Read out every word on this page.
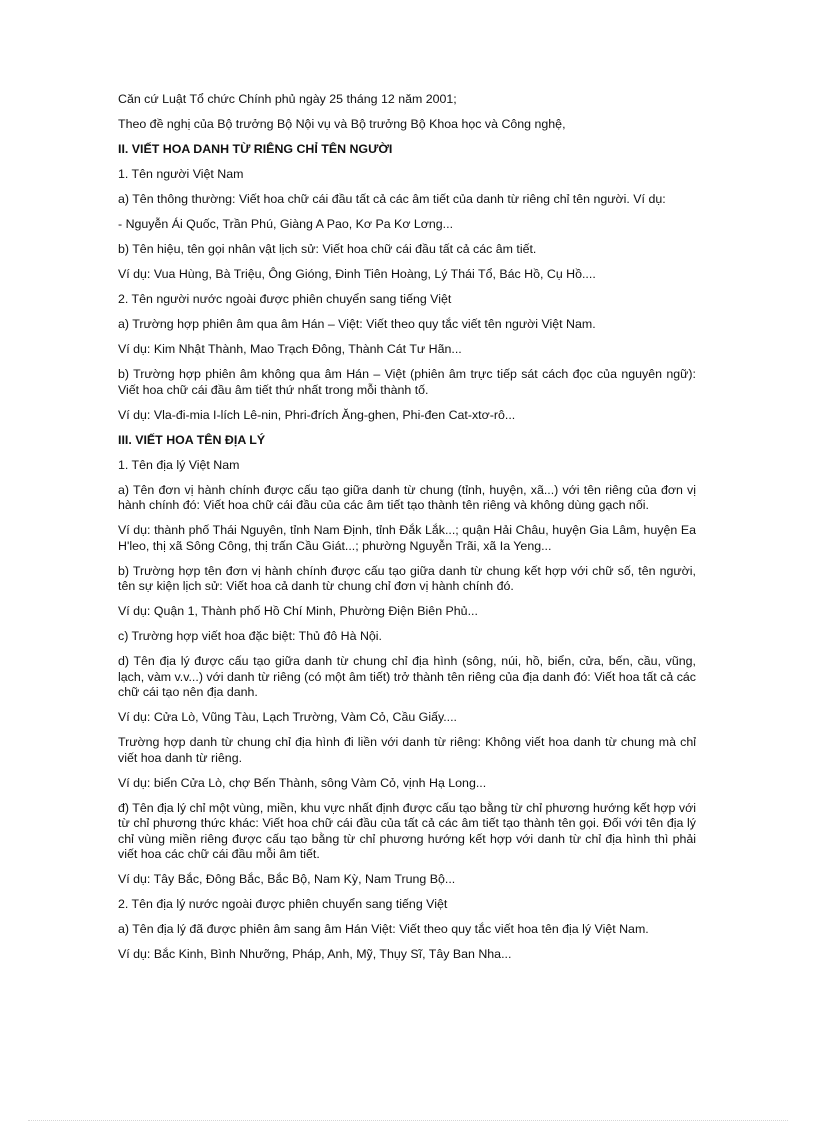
Căn cứ Luật Tổ chức Chính phủ ngày 25 tháng 12 năm 2001;

Theo đề nghị của Bộ trưởng Bộ Nội vụ và Bộ trưởng Bộ Khoa học và Công nghệ,

II. VIẾT HOA DANH TỪ RIÊNG CHỈ TÊN NGƯỜI

1. Tên người Việt Nam

a) Tên thông thường: Viết hoa chữ cái đầu tất cả các âm tiết của danh từ riêng chỉ tên người. Ví dụ:

- Nguyễn Ái Quốc, Trần Phú, Giàng A Pao, Kơ Pa Kơ Lơng...

b) Tên hiệu, tên gọi nhân vật lịch sử: Viết hoa chữ cái đầu tất cả các âm tiết.

Ví dụ: Vua Hùng, Bà Triệu, Ông Gióng, Đinh Tiên Hoàng, Lý Thái Tổ, Bác Hồ, Cụ Hồ....

2. Tên người nước ngoài được phiên chuyển sang tiếng Việt

a) Trường hợp phiên âm qua âm Hán – Việt: Viết theo quy tắc viết tên người Việt Nam.

Ví dụ: Kim Nhật Thành, Mao Trạch Đông, Thành Cát Tư Hãn...

b) Trường hợp phiên âm không qua âm Hán – Việt (phiên âm trực tiếp sát cách đọc của nguyên ngữ): Viết hoa chữ cái đầu âm tiết thứ nhất trong mỗi thành tố.

Ví dụ: Vla-đi-mia I-lích Lê-nin, Phri-đrích Ăng-ghen, Phi-đen Cat-xtơ-rô...

III. VIẾT HOA TÊN ĐỊA LÝ

1. Tên địa lý Việt Nam

a) Tên đơn vị hành chính được cấu tạo giữa danh từ chung (tỉnh, huyện, xã...) với tên riêng của đơn vị hành chính đó: Viết hoa chữ cái đầu của các âm tiết tạo thành tên riêng và không dùng gạch nối.

Ví dụ: thành phố Thái Nguyên, tỉnh Nam Định, tỉnh Đắk Lắk...; quận Hải Châu, huyện Gia Lâm, huyện Ea H'leo, thị xã Sông Công, thị trấn Cầu Giát...; phường Nguyễn Trãi, xã Ia Yeng...

b) Trường hợp tên đơn vị hành chính được cấu tạo giữa danh từ chung kết hợp với chữ số, tên người, tên sự kiện lịch sử: Viết hoa cả danh từ chung chỉ đơn vị hành chính đó.

Ví dụ: Quận 1, Thành phố Hồ Chí Minh, Phường Điện Biên Phủ...

c) Trường hợp viết hoa đặc biệt: Thủ đô Hà Nội.

d) Tên địa lý được cấu tạo giữa danh từ chung chỉ địa hình (sông, núi, hồ, biển, cửa, bến, cầu, vũng, lạch, vàm v.v...) với danh từ riêng (có một âm tiết) trở thành tên riêng của địa danh đó: Viết hoa tất cả các chữ cái tạo nên địa danh.

Ví dụ: Cửa Lò, Vũng Tàu, Lạch Trường, Vàm Cỏ, Cầu Giấy....

Trường hợp danh từ chung chỉ địa hình đi liền với danh từ riêng: Không viết hoa danh từ chung mà chỉ viết hoa danh từ riêng.

Ví dụ: biển Cửa Lò, chợ Bến Thành, sông Vàm Cỏ, vịnh Hạ Long...

đ) Tên địa lý chỉ một vùng, miền, khu vực nhất định được cấu tạo bằng từ chỉ phương hướng kết hợp với từ chỉ phương thức khác: Viết hoa chữ cái đầu của tất cả các âm tiết tạo thành tên gọi. Đối với tên địa lý chỉ vùng miền riêng được cấu tạo bằng từ chỉ phương hướng kết hợp với danh từ chỉ địa hình thì phải viết hoa các chữ cái đầu mỗi âm tiết.

Ví dụ: Tây Bắc, Đông Bắc, Bắc Bộ, Nam Kỳ, Nam Trung Bộ...

2. Tên địa lý nước ngoài được phiên chuyển sang tiếng Việt

a) Tên địa lý đã được phiên âm sang âm Hán Việt: Viết theo quy tắc viết hoa tên địa lý Việt Nam.

Ví dụ: Bắc Kinh, Bình Nhưỡng, Pháp, Anh, Mỹ, Thụy Sĩ, Tây Ban Nha...
